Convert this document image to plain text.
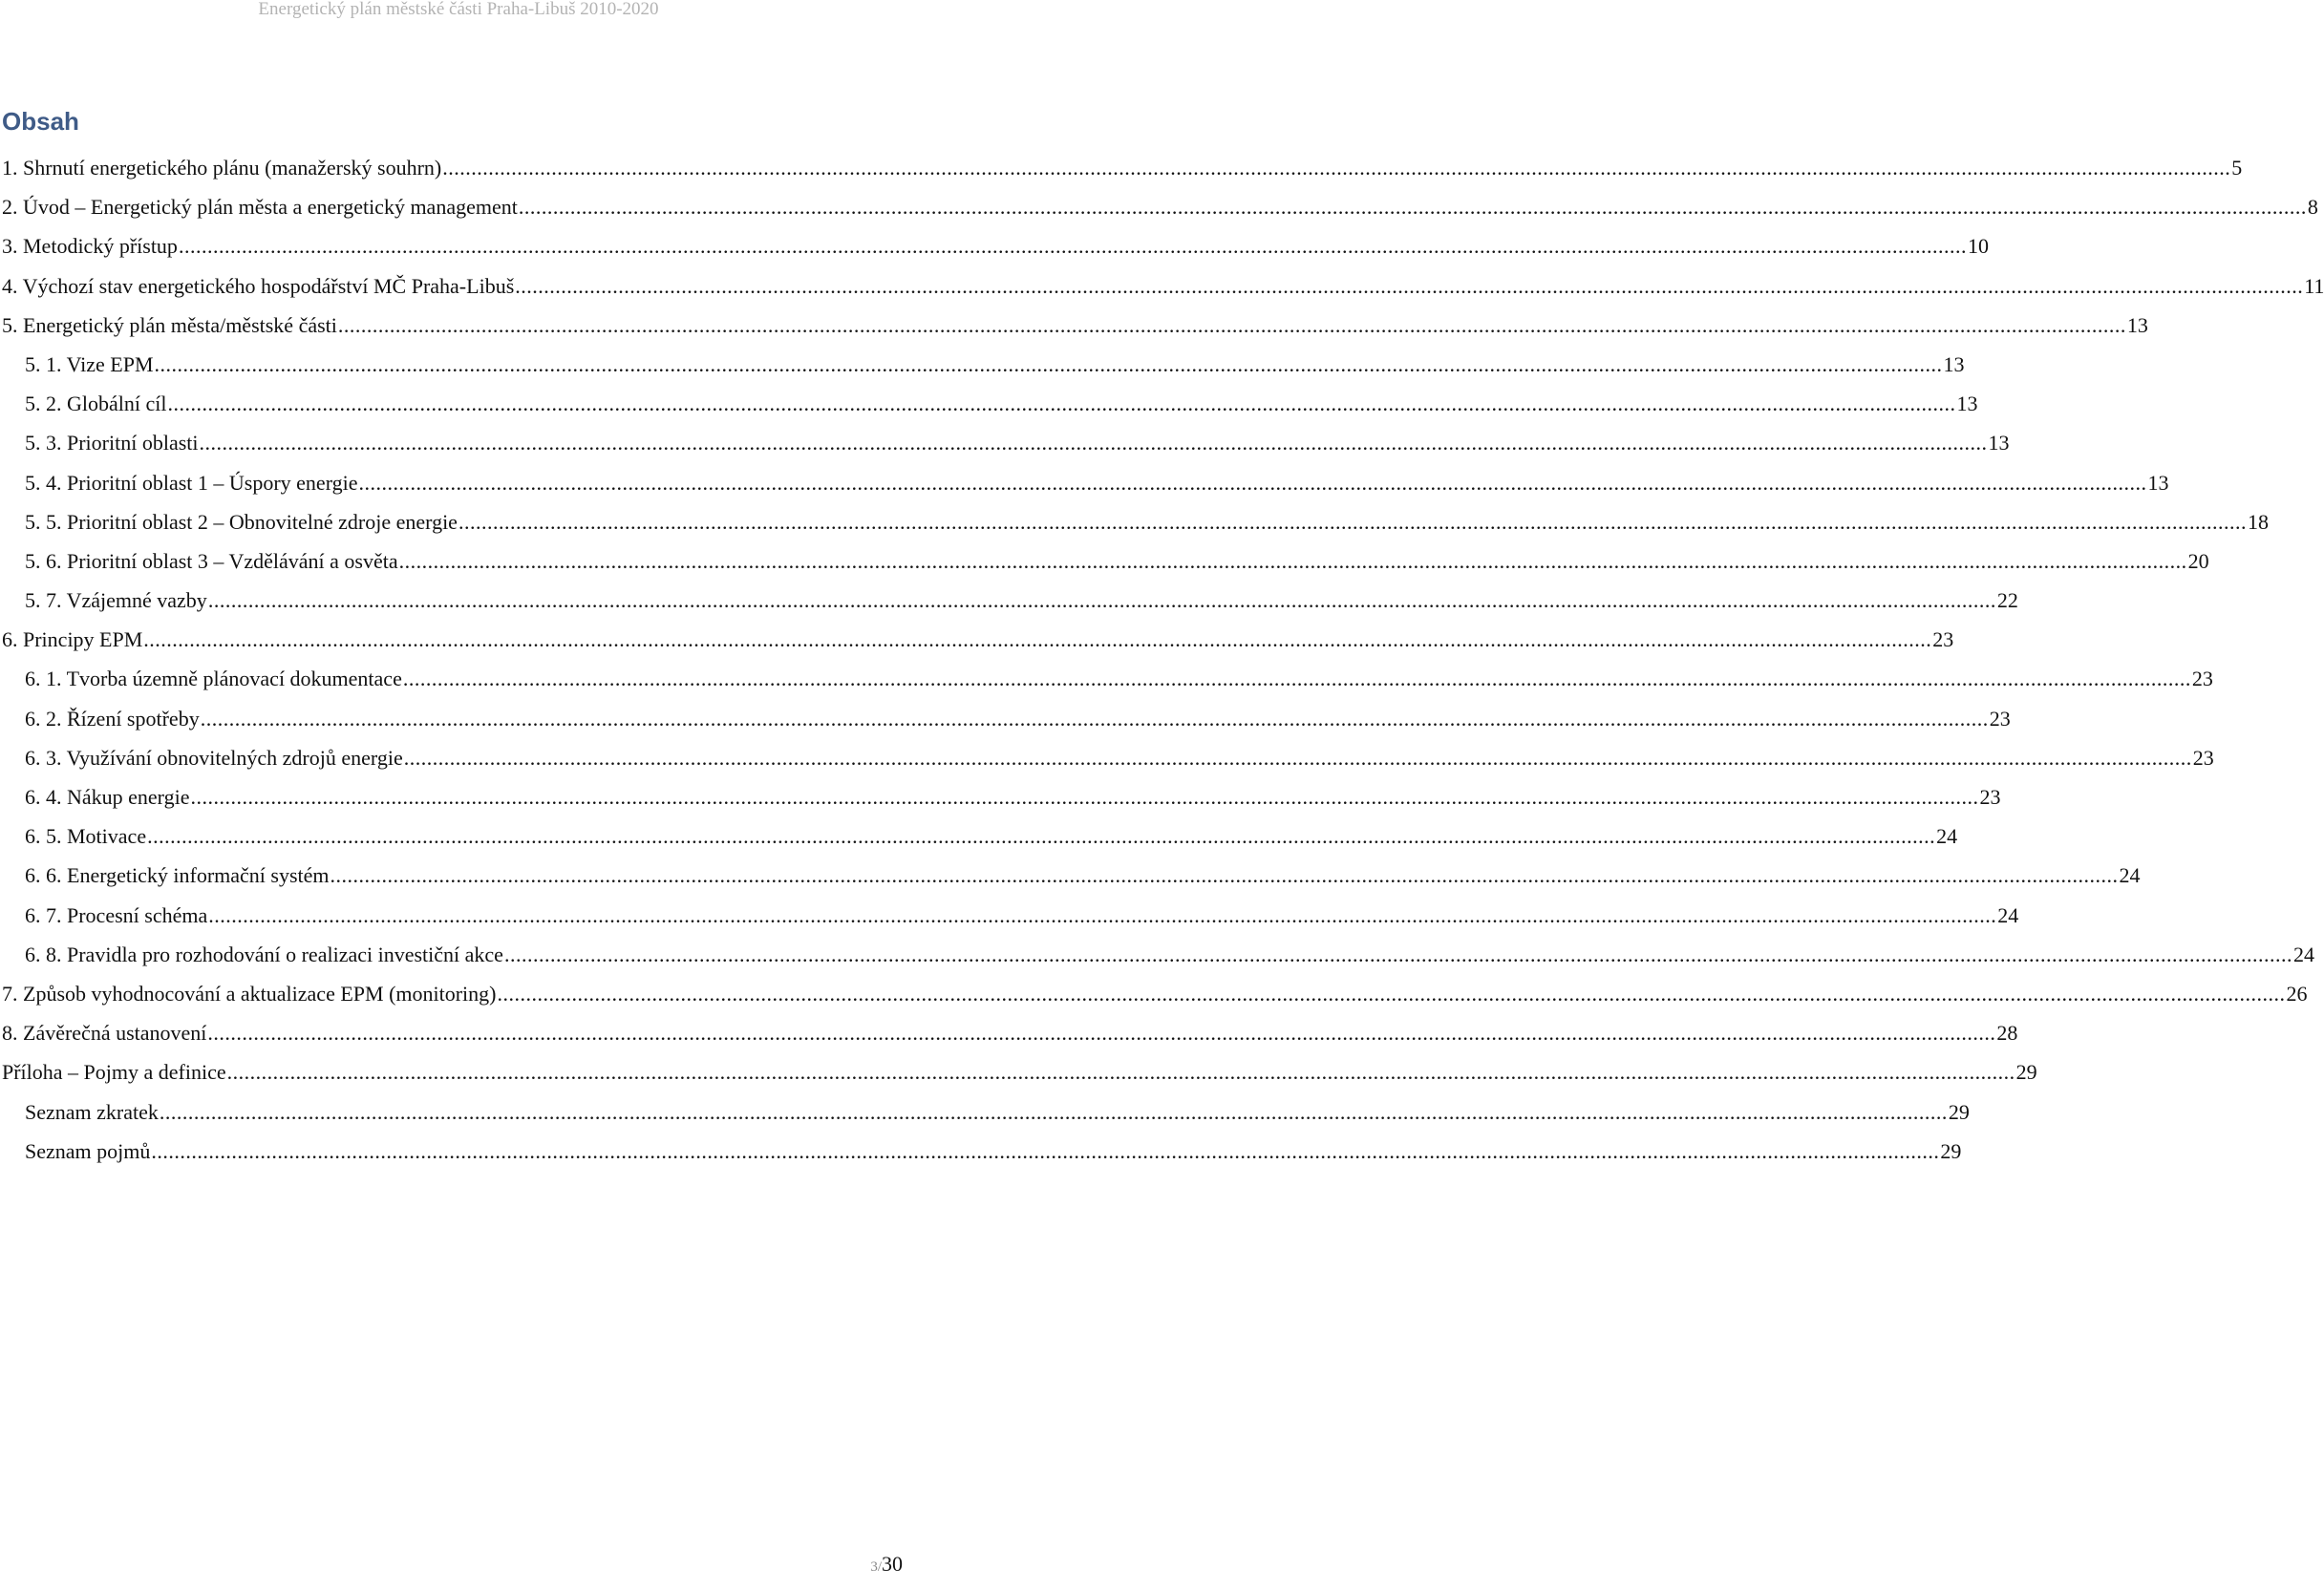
Energetický plán městské části Praha-Libuš 2010-2020
Obsah
1. Shrnutí energetického plánu (manažerský souhrn) ........................................................................................................................................................................................................................................................................................................................ 5
2. Úvod – Energetický plán města a energetický management ........................................................................................................................................................................................................................................................................................................................ 8
3. Metodický přístup ........................................................................................................................................................................................................................................................................................................................ 10
4. Výchozí stav energetického hospodářství MČ Praha-Libuš ........................................................................................................................................................................................................................................................................................................................ 11
5. Energetický plán města/městské části ........................................................................................................................................................................................................................................................................................................................ 13
5. 1. Vize EPM ........................................................................................................................................................................................................................................................................................................................ 13
5. 2. Globální cíl ........................................................................................................................................................................................................................................................................................................................ 13
5. 3. Prioritní oblasti ........................................................................................................................................................................................................................................................................................................................ 13
5. 4. Prioritní oblast 1 – Úspory energie ........................................................................................................................................................................................................................................................................................................................ 13
5. 5. Prioritní oblast 2 – Obnovitelné zdroje energie ........................................................................................................................................................................................................................................................................................................................ 18
5. 6. Prioritní oblast 3 – Vzdělávání a osvěta ........................................................................................................................................................................................................................................................................................................................ 20
5. 7. Vzájemné vazby ........................................................................................................................................................................................................................................................................................................................ 22
6. Principy EPM ........................................................................................................................................................................................................................................................................................................................ 23
6. 1. Tvorba územně plánovací dokumentace ........................................................................................................................................................................................................................................................................................................................ 23
6. 2. Řízení spotřeby ........................................................................................................................................................................................................................................................................................................................ 23
6. 3. Využívání obnovitelných zdrojů energie ........................................................................................................................................................................................................................................................................................................................ 23
6. 4. Nákup energie ........................................................................................................................................................................................................................................................................................................................ 23
6. 5. Motivace ........................................................................................................................................................................................................................................................................................................................ 24
6. 6. Energetický informační systém ........................................................................................................................................................................................................................................................................................................................ 24
6. 7. Procesní schéma ........................................................................................................................................................................................................................................................................................................................ 24
6. 8. Pravidla pro rozhodování o realizaci investiční akce ........................................................................................................................................................................................................................................................................................................................ 24
7. Způsob vyhodnocování a aktualizace EPM (monitoring) ........................................................................................................................................................................................................................................................................................................................ 26
8. Závěrečná ustanovení ........................................................................................................................................................................................................................................................................................................................ 28
Příloha – Pojmy a definice ........................................................................................................................................................................................................................................................................................................................ 29
Seznam zkratek ........................................................................................................................................................................................................................................................................................................................ 29
Seznam pojmů ........................................................................................................................................................................................................................................................................................................................ 29
3/30
